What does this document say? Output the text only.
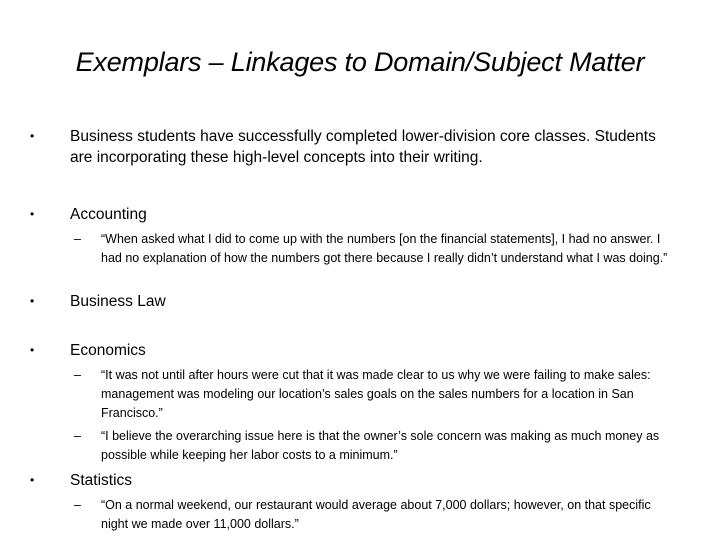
Exemplars – Linkages to Domain/Subject Matter
•	Business students have successfully completed lower-division core classes. Students are incorporating these high-level concepts into their writing.
•	Accounting
–	“When asked what I did to come up with the numbers [on the financial statements], I had no answer. I had no explanation of how the numbers got there because I really didn’t understand what I was doing.”
•	Business Law
•	Economics
–	“It was not until after hours were cut that it was made clear to us why we were failing to make sales: management was modeling our location’s sales goals on the sales numbers for a location in San Francisco.”
–	“I believe the overarching issue here is that the owner’s sole concern was making as much money as possible while keeping her labor costs to a minimum.”
•	Statistics
–	“On a normal weekend, our restaurant would average about 7,000 dollars; however, on that specific night we made over 11,000 dollars.”
